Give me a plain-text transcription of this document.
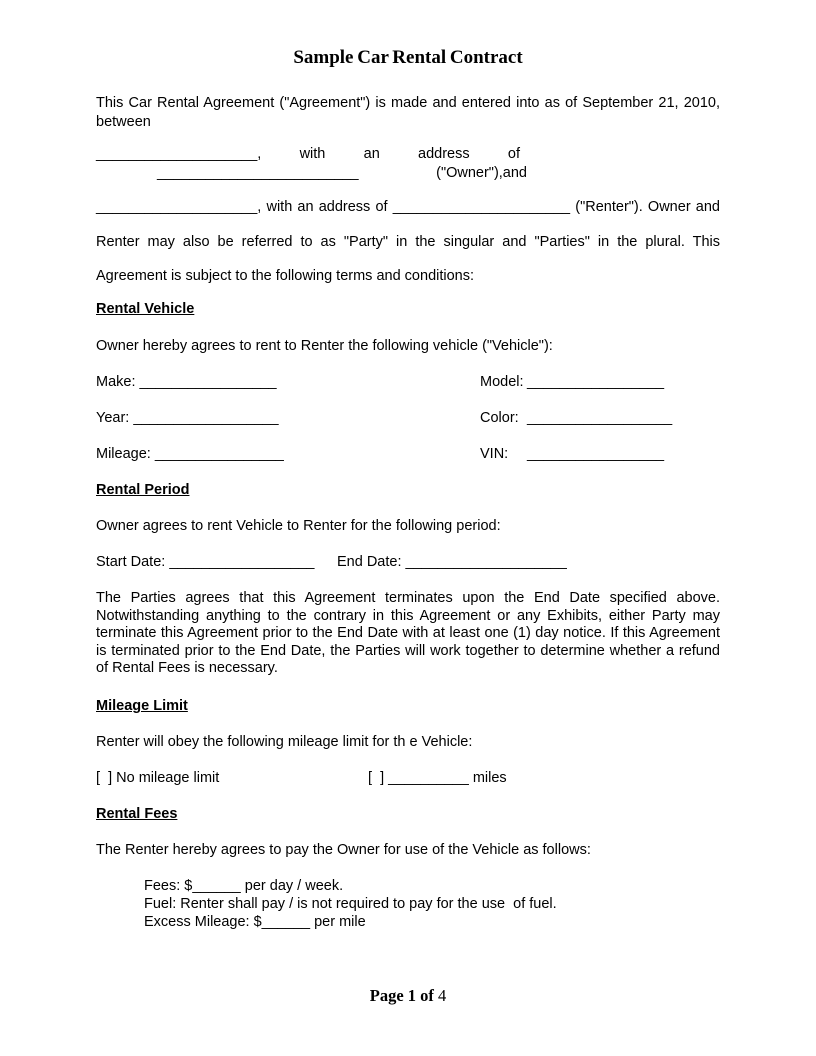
Sample Car Rental Contract
This Car Rental Agreement ("Agreement") is made and entered into as of September 21, 2010, between
____________________, with an address of
_________________________	("Owner"),and
____________________, with an address of ______________________ ("Renter"). Owner and Renter may also be referred to as "Party" in the singular and "Parties" in the plural. This Agreement is subject to the following terms and conditions:
Rental Vehicle
Owner hereby agrees to rent to Renter the following vehicle ("Vehicle"):
Make: _________________	Model: _________________
Year: __________________	Color: __________________
Mileage: ________________	VIN: _________________
Rental Period
Owner agrees to rent Vehicle to Renter for the following period:
Start Date: __________________ End Date: ____________________
The Parties agrees that this Agreement terminates upon the End Date specified above. Notwithstanding anything to the contrary in this Agreement or any Exhibits, either Party may terminate this Agreement prior to the End Date with at least one (1) day notice. If this Agreement is terminated prior to the End Date, the Parties will work together to determine whether a refund of Rental Fees is necessary.
Mileage Limit
Renter will obey the following mileage limit for th e Vehicle:
[  ] No mileage limit	[  ] __________ miles
Rental Fees
The Renter hereby agrees to pay the Owner for use of the Vehicle as follows:
Fees: $______ per day / week.
Fuel: Renter shall pay / is not required to pay for the use  of fuel.
Excess Mileage: $______ per mile
Page 1 of 4
